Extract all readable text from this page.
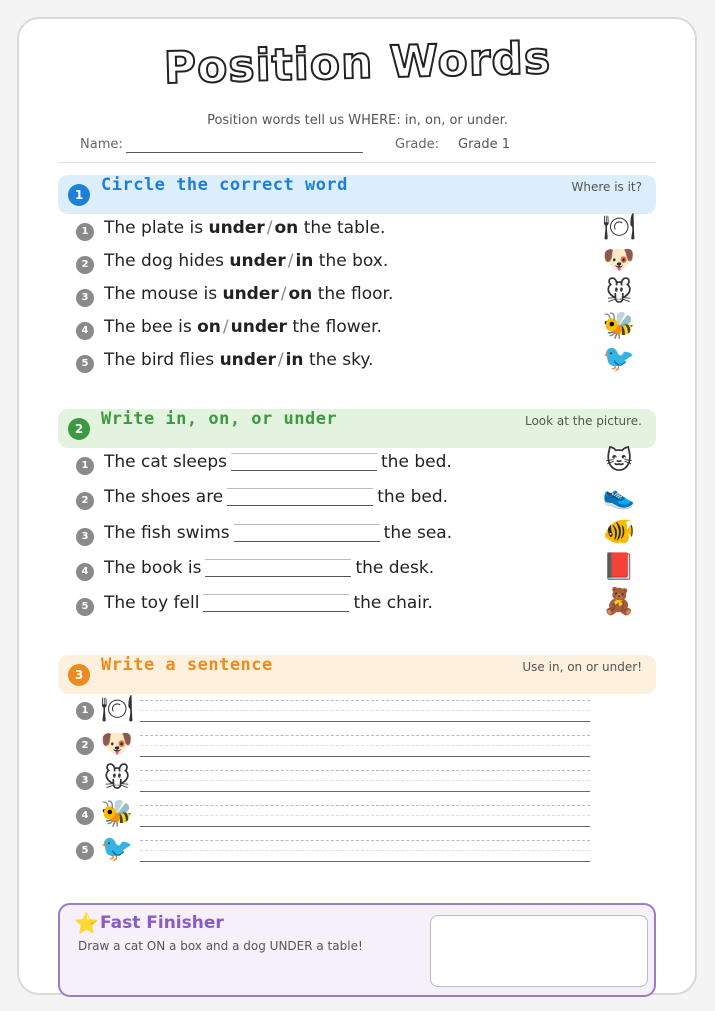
Position Words
Position words tell us WHERE: in, on, or under.
Name:	Grade: Grade 1
1	Circle the correct word	Where is it?
1 The plate is under / on the table.	🍽
2 The dog hides under / in the box.	🐶
3 The mouse is under / on the floor.	🐭
4 The bee is on / under the flower.	🐝
5 The bird flies under / in the sky.	🐦
2	Write in, on, or under	Look at the picture.
1 The cat sleeps	the bed.	🐱
2 The shoes are	the bed.	👟
3 The fish swims	the sea.	🐠
4 The book is	the desk.	📕
5 The toy fell	the chair.	🧸
3	Write a sentence	Use in, on or under!
1 🍽
2 🐶
3 🐭
4 🐝
5 🐦
⭐ Fast Finisher
Draw a cat ON a box and a dog UNDER a table!
